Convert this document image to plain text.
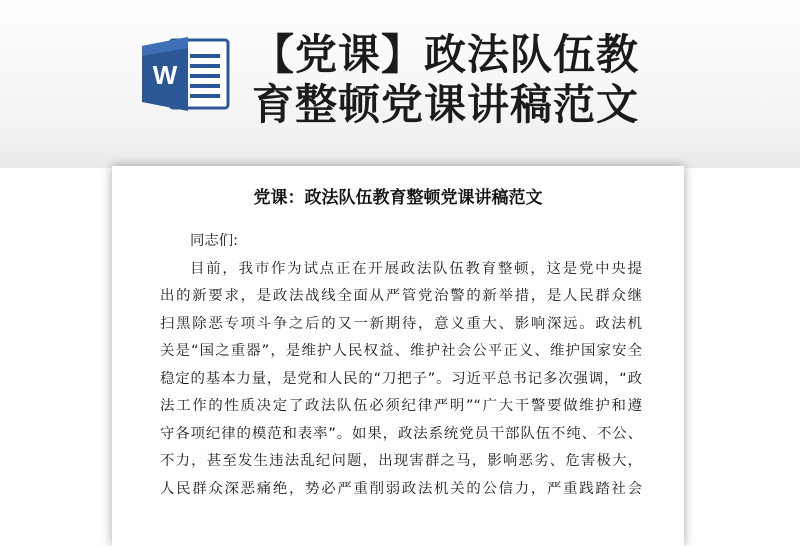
W 【党课】政法队伍教
育整顿党课讲稿范文
党课：政法队伍教育整顿党课讲稿范文
同志们:
目前，我市作为试点正在开展政法队伍教育整顿，这是党中央提
出的新要求，是政法战线全面从严管党治警的新举措，是人民群众继
扫黑除恶专项斗争之后的又一新期待，意义重大、影响深远。政法机
关是“国之重器”，是维护人民权益、维护社会公平正义、维护国家安全
稳定的基本力量，是党和人民的“刀把子”。习近平总书记多次强调，“政
法工作的性质决定了政法队伍必须纪律严明”“广大干警要做维护和遵
守各项纪律的模范和表率”。如果，政法系统党员干部队伍不纯、不公、
不力，甚至发生违法乱纪问题，出现害群之马，影响恶劣、危害极大，
人民群众深恶痛绝，势必严重削弱政法机关的公信力，严重践踏社会
